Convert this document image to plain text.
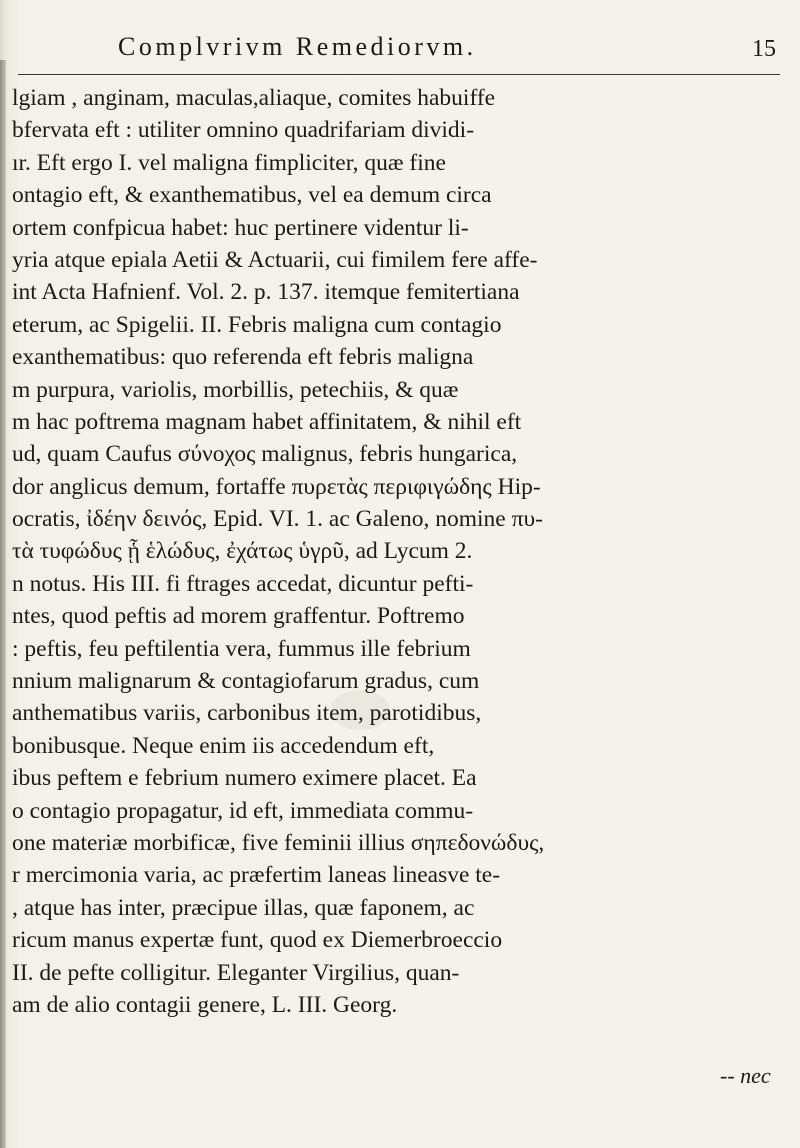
Complvrivm Remediorvm.	15
lgiam , anginam, maculas,aliaque, comites habuiffe
bfervata eft : utiliter omnino quadrifariam dividi-
ır. Eft ergo I. vel maligna fimpliciter, quæ fine
ontagio eft, & exanthematibus, vel ea demum circa
ortem confpicua habet: huc pertinere videntur li-
yria atque epiala Aetii & Actuarii, cui fimilem fere affe-
int Acta Hafnienf. Vol. 2. p. 137. itemque femitertiana
eterum, ac Spigelii. II. Febris maligna cum contagio
exanthematibus: quo referenda eft febris maligna
m purpura, variolis, morbillis, petechiis, & quæ
m hac poftrema magnam habet affinitatem, & nihil eft
ud, quam Caufus σύνοχος malignus, febris hungarica,
dor anglicus demum, fortaffe πυρετὰς περιφιγώδης Hip-
ocratis, ἰδέην δεινός, Epid. VI. 1. ac Galeno, nomine πυ-
τὰ τυφώδυς ᾗ ἑλώδυς, ἐχάτως ὑγρῦ, ad Lycum 2.
n notus. His III. fi ftrages accedat, dicuntur pefti-
ntes, quod peftis ad morem graffentur. Poftremo
: peftis, feu peftilentia vera, fummus ille febrium
nnium malignarum & contagiofarum gradus, cum
anthematibus variis, carbonibus item, parotidibus,
bonibusque. Neque enim iis accedendum eft,
ibus peftem e febrium numero eximere placet. Ea
o contagio propagatur, id eft, immediata commu-
one materiæ morbificæ, five feminii illius σηπεδονώδυς,
r mercimonia varia, ac præfertim laneas lineasve te-
, atque has inter, præcipue illas, quæ faponem, ac
ricum manus expertæ funt, quod ex Diemerbroeccio
II. de pefte colligitur. Eleganter Virgilius, quan-
am de alio contagii genere, L. III. Georg.
-- nec
